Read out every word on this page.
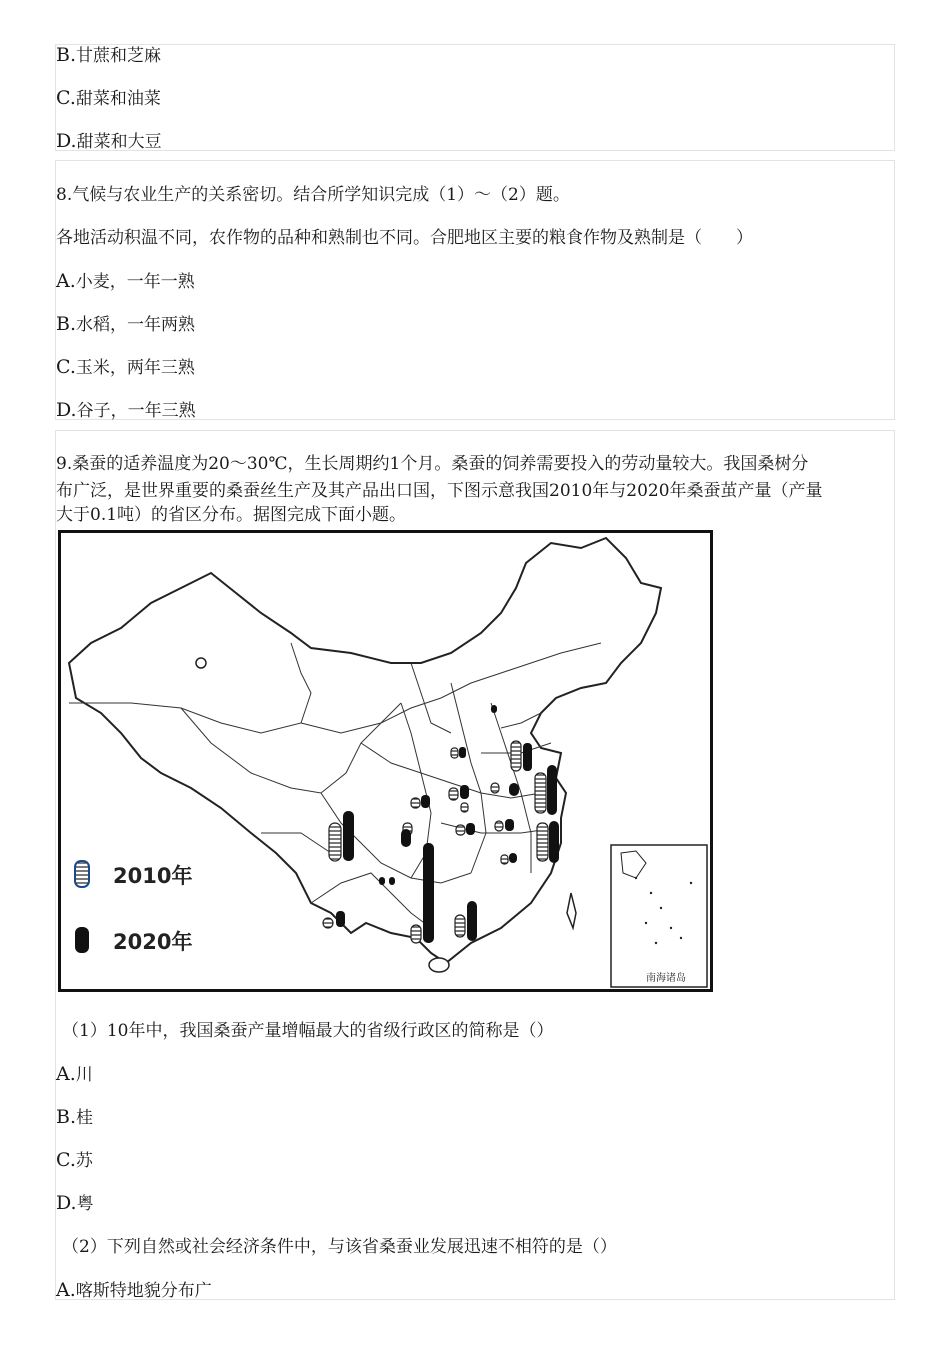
B.甘蔗和芝麻
C.甜菜和油菜
D.甜菜和大豆
8.气候与农业生产的关系密切。结合所学知识完成（1）～（2）题。
各地活动积温不同，农作物的品种和熟制也不同。合肥地区主要的粮食作物及熟制是（　　）
A.小麦，一年一熟
B.水稻，一年两熟
C.玉米，两年三熟
D.谷子，一年三熟
9.桑蚕的适养温度为20～30℃，生长周期约1个月。桑蚕的饲养需要投入的劳动量较大。我国桑树分
布广泛，是世界重要的桑蚕丝生产及其产品出口国，下图示意我国2010年与2020年桑蚕茧产量（产量
大于0.1吨）的省区分布。据图完成下面小题。
2010年
2020年
南海诸岛
（1）10年中，我国桑蚕产量增幅最大的省级行政区的简称是（）
A.川
B.桂
C.苏
D.粤
（2）下列自然或社会经济条件中，与该省桑蚕业发展迅速不相符的是（）
A.喀斯特地貌分布广
